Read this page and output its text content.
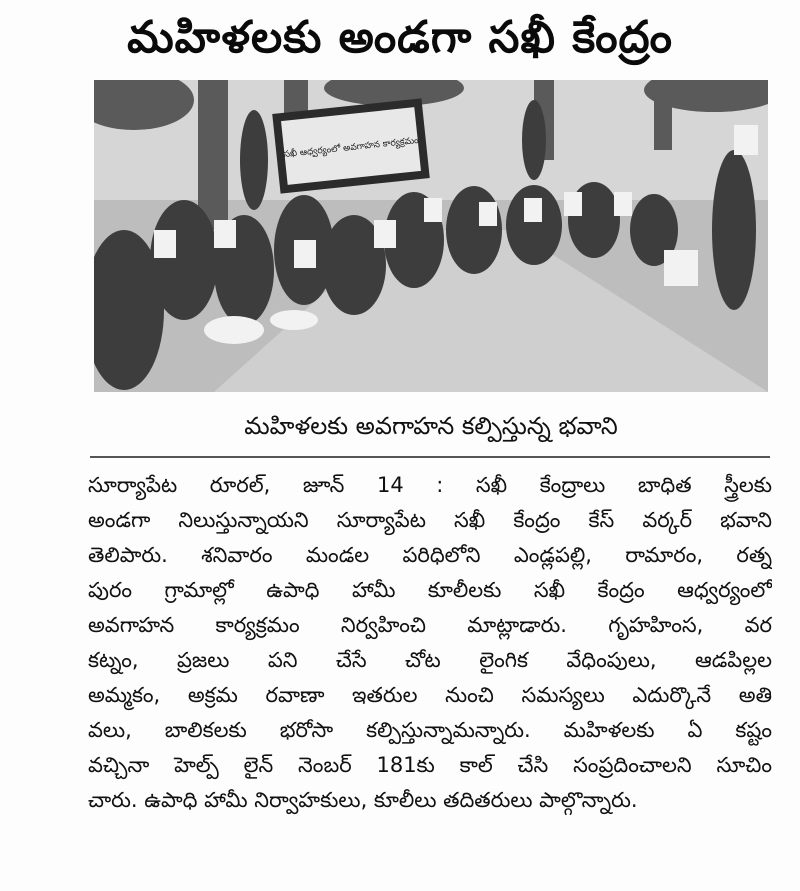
మహిళలకు అండగా సఖీ కేంద్రం
సఖీ ఆధ్వర్యంలో అవగాహన కార్యక్రమం
మహిళలకు అవగాహన కల్పిస్తున్న భవాని
సూర్యాపేట రూరల్‌, జూన్‌ 14 : సఖీ కేంద్రాలు బాధిత స్త్రీలకు
అండగా నిలుస్తున్నాయని సూర్యాపేట సఖీ కేంద్రం కేస్‌ వర్కర్‌ భవాని
తెలిపారు. శనివారం మండల పరిధిలోని ఎండ్లపల్లి, రామారం, రత్న
పురం గ్రామాల్లో ఉపాధి హామీ కూలీలకు సఖీ కేంద్రం ఆధ్వర్యంలో
అవగాహన కార్యక్రమం నిర్వహించి మాట్లాడారు. గృహహింస, వర
కట్నం, ప్రజలు పని చేసే చోట లైంగిక వేధింపులు, ఆడపిల్లల
అమ్మకం, అక్రమ రవాణా ఇతరుల నుంచి సమస్యలు ఎదుర్కొనే అతి
వలు, బాలికలకు భరోసా కల్పిస్తున్నామన్నారు. మహిళలకు ఏ కష్టం
వచ్చినా హెల్ప్‌ లైన్‌ నెంబర్‌ 181కు కాల్‌ చేసి సంప్రదించాలని సూచిం
చారు. ఉపాధి హామీ నిర్వాహకులు, కూలీలు తదితరులు పాల్గొన్నారు.
